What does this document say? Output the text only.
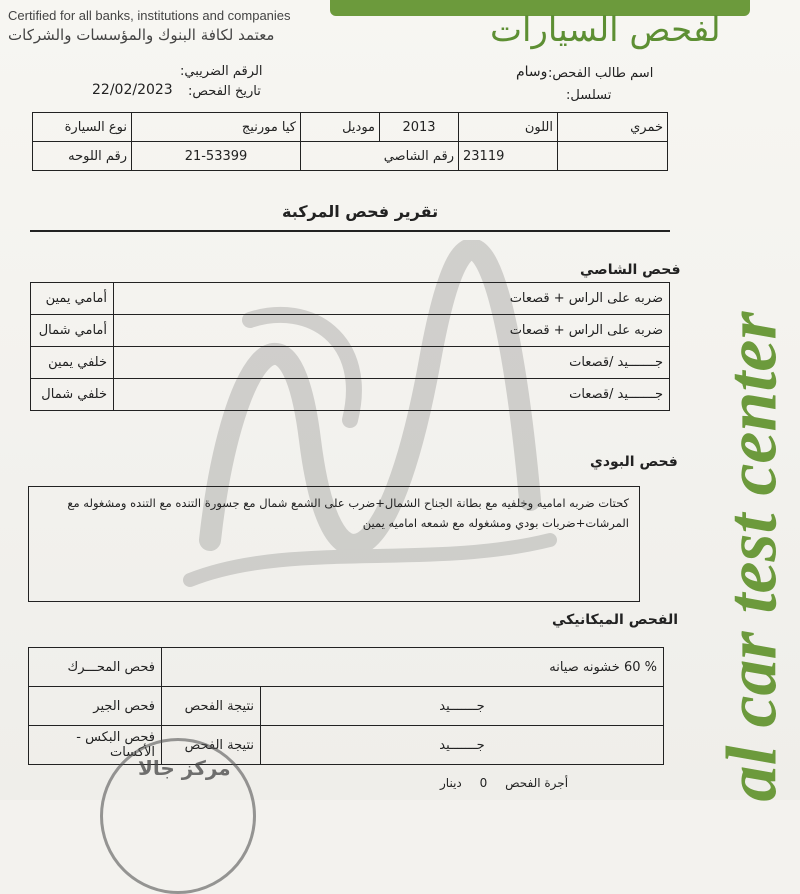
Certified for all banks, institutions and companies
معتمد لكافة البنوك والمؤسسات والشركات	لفحص السيارات
al car test center
الرقم الضريبي:
تاريخ الفحص:
22/02/2023
اسم طالب الفحص:
وسام
تسلسل:
نوع السيارة	كيا مورنيج	موديل	2013	اللون	خمري
رقم اللوحه	21-53399	رقم الشاصي		23119	
تقرير فحص المركبة
فحص الشاصي
أمامي يمين	ضربه على الراس + قصعات
أمامي شمال	ضربه على الراس + قصعات
خلفي يمين	جـــــــيد /قصعات
خلفي شمال	جـــــــيد /قصعات
فحص البودي
كحتات ضربه اماميه وخلفيه مع بطانة الجناح الشمال+ضرب على الشمع شمال مع جسورة التنده مع التنده ومشغوله مع المرشات+ضربات بودي ومشغوله مع شمعه اماميه يمين
الفحص الميكانيكي
فحص المحـــرك	% 60 خشونه صيانه	
فحص الجير	نتيجة الفحص	جـــــــيد
فحص البكس - الأكسات	نتيجة الفحص	جـــــــيد
مركز جالا
أجرة الفحص 0 دينار
